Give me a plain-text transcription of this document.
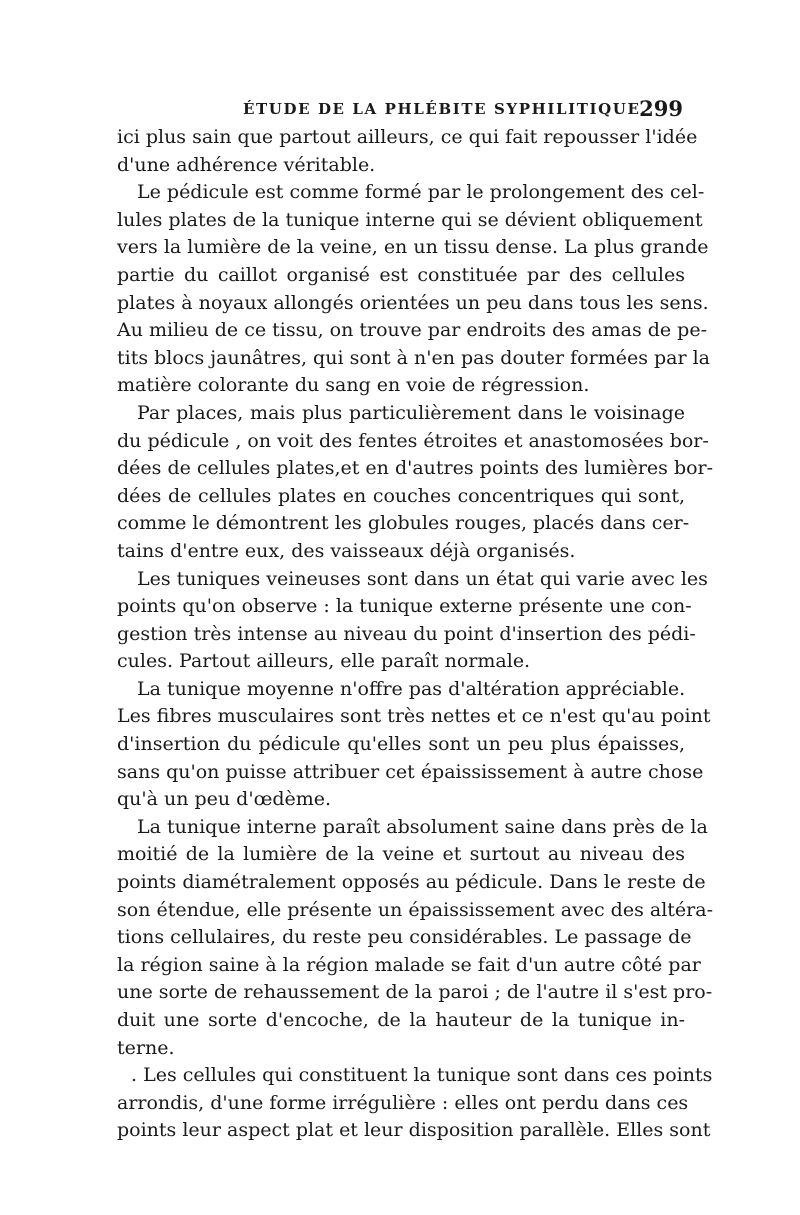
ÉTUDE DE LA PHLÉBITE SYPHILITIQUE.
299
ici plus sain que partout ailleurs, ce qui fait repousser l'idée
d'une adhérence véritable.
Le pédicule est comme formé par le prolongement des cel-
lules plates de la tunique interne qui se dévient obliquement
vers la lumière de la veine, en un tissu dense. La plus grande
partie du caillot organisé est constituée par des cellules
plates à noyaux allongés orientées un peu dans tous les sens.
Au milieu de ce tissu, on trouve par endroits des amas de pe-
tits blocs jaunâtres, qui sont à n'en pas douter formées par la
matière colorante du sang en voie de régression.
Par places, mais plus particulièrement dans le voisinage
du pédicule , on voit des fentes étroites et anastomosées bor-
dées de cellules plates,et en d'autres points des lumières bor-
dées de cellules plates en couches concentriques qui sont,
comme le démontrent les globules rouges, placés dans cer-
tains d'entre eux, des vaisseaux déjà organisés.
Les tuniques veineuses sont dans un état qui varie avec les
points qu'on observe : la tunique externe présente une con-
gestion très intense au niveau du point d'insertion des pédi-
cules. Partout ailleurs, elle paraît normale.
La tunique moyenne n'offre pas d'altération appréciable.
Les fibres musculaires sont très nettes et ce n'est qu'au point
d'insertion du pédicule qu'elles sont un peu plus épaisses,
sans qu'on puisse attribuer cet épaississement à autre chose
qu'à un peu d'œdème.
La tunique interne paraît absolument saine dans près de la
moitié de la lumière de la veine et surtout au niveau des
points diamétralement opposés au pédicule. Dans le reste de
son étendue, elle présente un épaississement avec des altéra-
tions cellulaires, du reste peu considérables. Le passage de
la région saine à la région malade se fait d'un autre côté par
une sorte de rehaussement de la paroi ; de l'autre il s'est pro-
duit une sorte d'encoche, de la hauteur de la tunique in-
terne.
. Les cellules qui constituent la tunique sont dans ces points
arrondis, d'une forme irrégulière : elles ont perdu dans ces
points leur aspect plat et leur disposition parallèle. Elles sont
